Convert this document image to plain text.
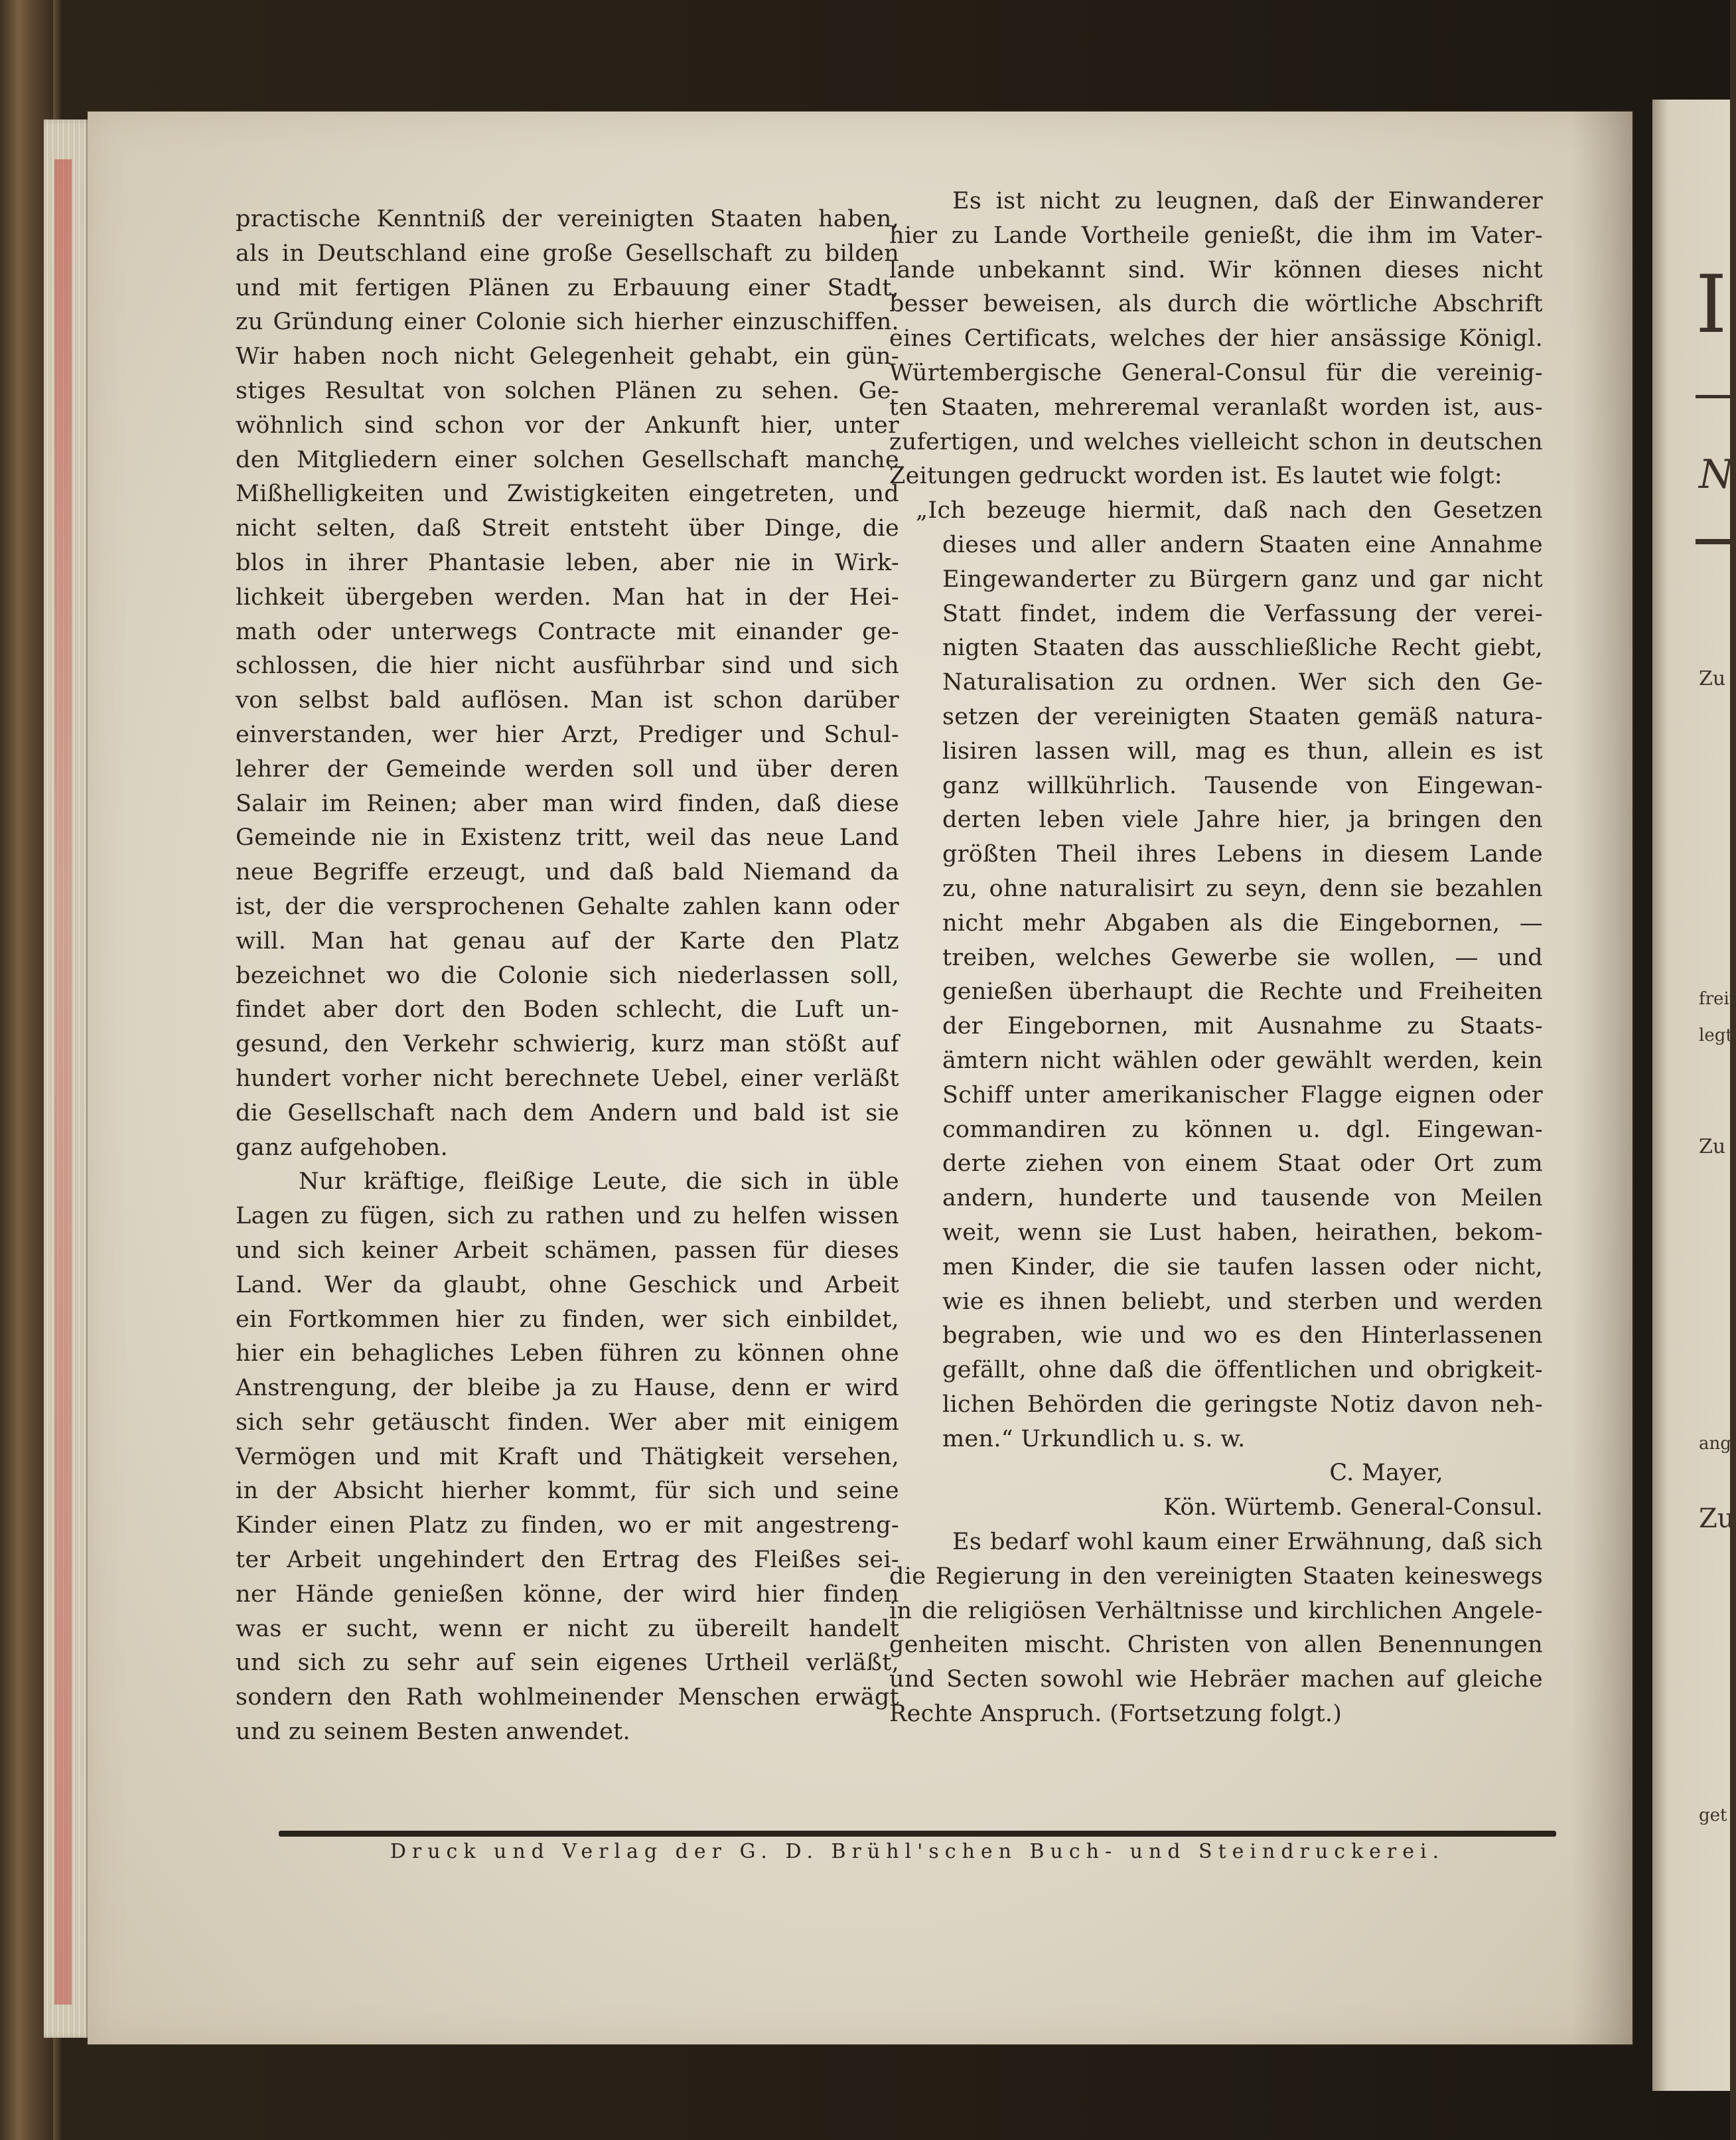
I
N
Zu
freit
legt
Zu
ang
Zu
get

practische Kenntniß der vereinigten Staaten haben,
als in Deutschland eine große Gesellschaft zu bilden
und mit fertigen Plänen zu Erbauung einer Stadt,
zu Gründung einer Colonie sich hierher einzuschiffen.
Wir haben noch nicht Gelegenheit gehabt, ein gün-
stiges Resultat von solchen Plänen zu sehen. Ge-
wöhnlich sind schon vor der Ankunft hier, unter
den Mitgliedern einer solchen Gesellschaft manche
Mißhelligkeiten und Zwistigkeiten eingetreten, und
nicht selten, daß Streit entsteht über Dinge, die
blos in ihrer Phantasie leben, aber nie in Wirk-
lichkeit übergeben werden. Man hat in der Hei-
math oder unterwegs Contracte mit einander ge-
schlossen, die hier nicht ausführbar sind und sich
von selbst bald auflösen. Man ist schon darüber
einverstanden, wer hier Arzt, Prediger und Schul-
lehrer der Gemeinde werden soll und über deren
Salair im Reinen; aber man wird finden, daß diese
Gemeinde nie in Existenz tritt, weil das neue Land
neue Begriffe erzeugt, und daß bald Niemand da
ist, der die versprochenen Gehalte zahlen kann oder
will. Man hat genau auf der Karte den Platz
bezeichnet wo die Colonie sich niederlassen soll,
findet aber dort den Boden schlecht, die Luft un-
gesund, den Verkehr schwierig, kurz man stößt auf
hundert vorher nicht berechnete Uebel, einer verläßt
die Gesellschaft nach dem Andern und bald ist sie
ganz aufgehoben.

Nur kräftige, fleißige Leute, die sich in üble
Lagen zu fügen, sich zu rathen und zu helfen wissen
und sich keiner Arbeit schämen, passen für dieses
Land. Wer da glaubt, ohne Geschick und Arbeit
ein Fortkommen hier zu finden, wer sich einbildet,
hier ein behagliches Leben führen zu können ohne
Anstrengung, der bleibe ja zu Hause, denn er wird
sich sehr getäuscht finden. Wer aber mit einigem
Vermögen und mit Kraft und Thätigkeit versehen,
in der Absicht hierher kommt, für sich und seine
Kinder einen Platz zu finden, wo er mit angestreng-
ter Arbeit ungehindert den Ertrag des Fleißes sei-
ner Hände genießen könne, der wird hier finden
was er sucht, wenn er nicht zu übereilt handelt
und sich zu sehr auf sein eigenes Urtheil verläßt,
sondern den Rath wohlmeinender Menschen erwägt
und zu seinem Besten anwendet.

Es ist nicht zu leugnen, daß der Einwanderer
hier zu Lande Vortheile genießt, die ihm im Vater-
lande unbekannt sind. Wir können dieses nicht
besser beweisen, als durch die wörtliche Abschrift
eines Certificats, welches der hier ansässige Königl.
Würtembergische General-Consul für die vereinig-
ten Staaten, mehreremal veranlaßt worden ist, aus-
zufertigen, und welches vielleicht schon in deutschen
Zeitungen gedruckt worden ist. Es lautet wie folgt:

„Ich bezeuge hiermit, daß nach den Gesetzen
dieses und aller andern Staaten eine Annahme
Eingewanderter zu Bürgern ganz und gar nicht
Statt findet, indem die Verfassung der verei-
nigten Staaten das ausschließliche Recht giebt,
Naturalisation zu ordnen. Wer sich den Ge-
setzen der vereinigten Staaten gemäß natura-
lisiren lassen will, mag es thun, allein es ist
ganz willkührlich. Tausende von Eingewan-
derten leben viele Jahre hier, ja bringen den
größten Theil ihres Lebens in diesem Lande
zu, ohne naturalisirt zu seyn, denn sie bezahlen
nicht mehr Abgaben als die Eingebornen, —
treiben, welches Gewerbe sie wollen, — und
genießen überhaupt die Rechte und Freiheiten
der Eingebornen, mit Ausnahme zu Staats-
ämtern nicht wählen oder gewählt werden, kein
Schiff unter amerikanischer Flagge eignen oder
commandiren zu können u. dgl. Eingewan-
derte ziehen von einem Staat oder Ort zum
andern, hunderte und tausende von Meilen
weit, wenn sie Lust haben, heirathen, bekom-
men Kinder, die sie taufen lassen oder nicht,
wie es ihnen beliebt, und sterben und werden
begraben, wie und wo es den Hinterlassenen
gefällt, ohne daß die öffentlichen und obrigkeit-
lichen Behörden die geringste Notiz davon neh-
men.“ Urkundlich u. s. w.

C. Mayer,
Kön. Würtemb. General-Consul.

Es bedarf wohl kaum einer Erwähnung, daß sich
die Regierung in den vereinigten Staaten keineswegs
in die religiösen Verhältnisse und kirchlichen Angele-
genheiten mischt. Christen von allen Benennungen
und Secten sowohl wie Hebräer machen auf gleiche
Rechte Anspruch. (Fortsetzung folgt.)

Druck und Verlag der G. D. Brühl'schen Buch- und Steindruckerei.
